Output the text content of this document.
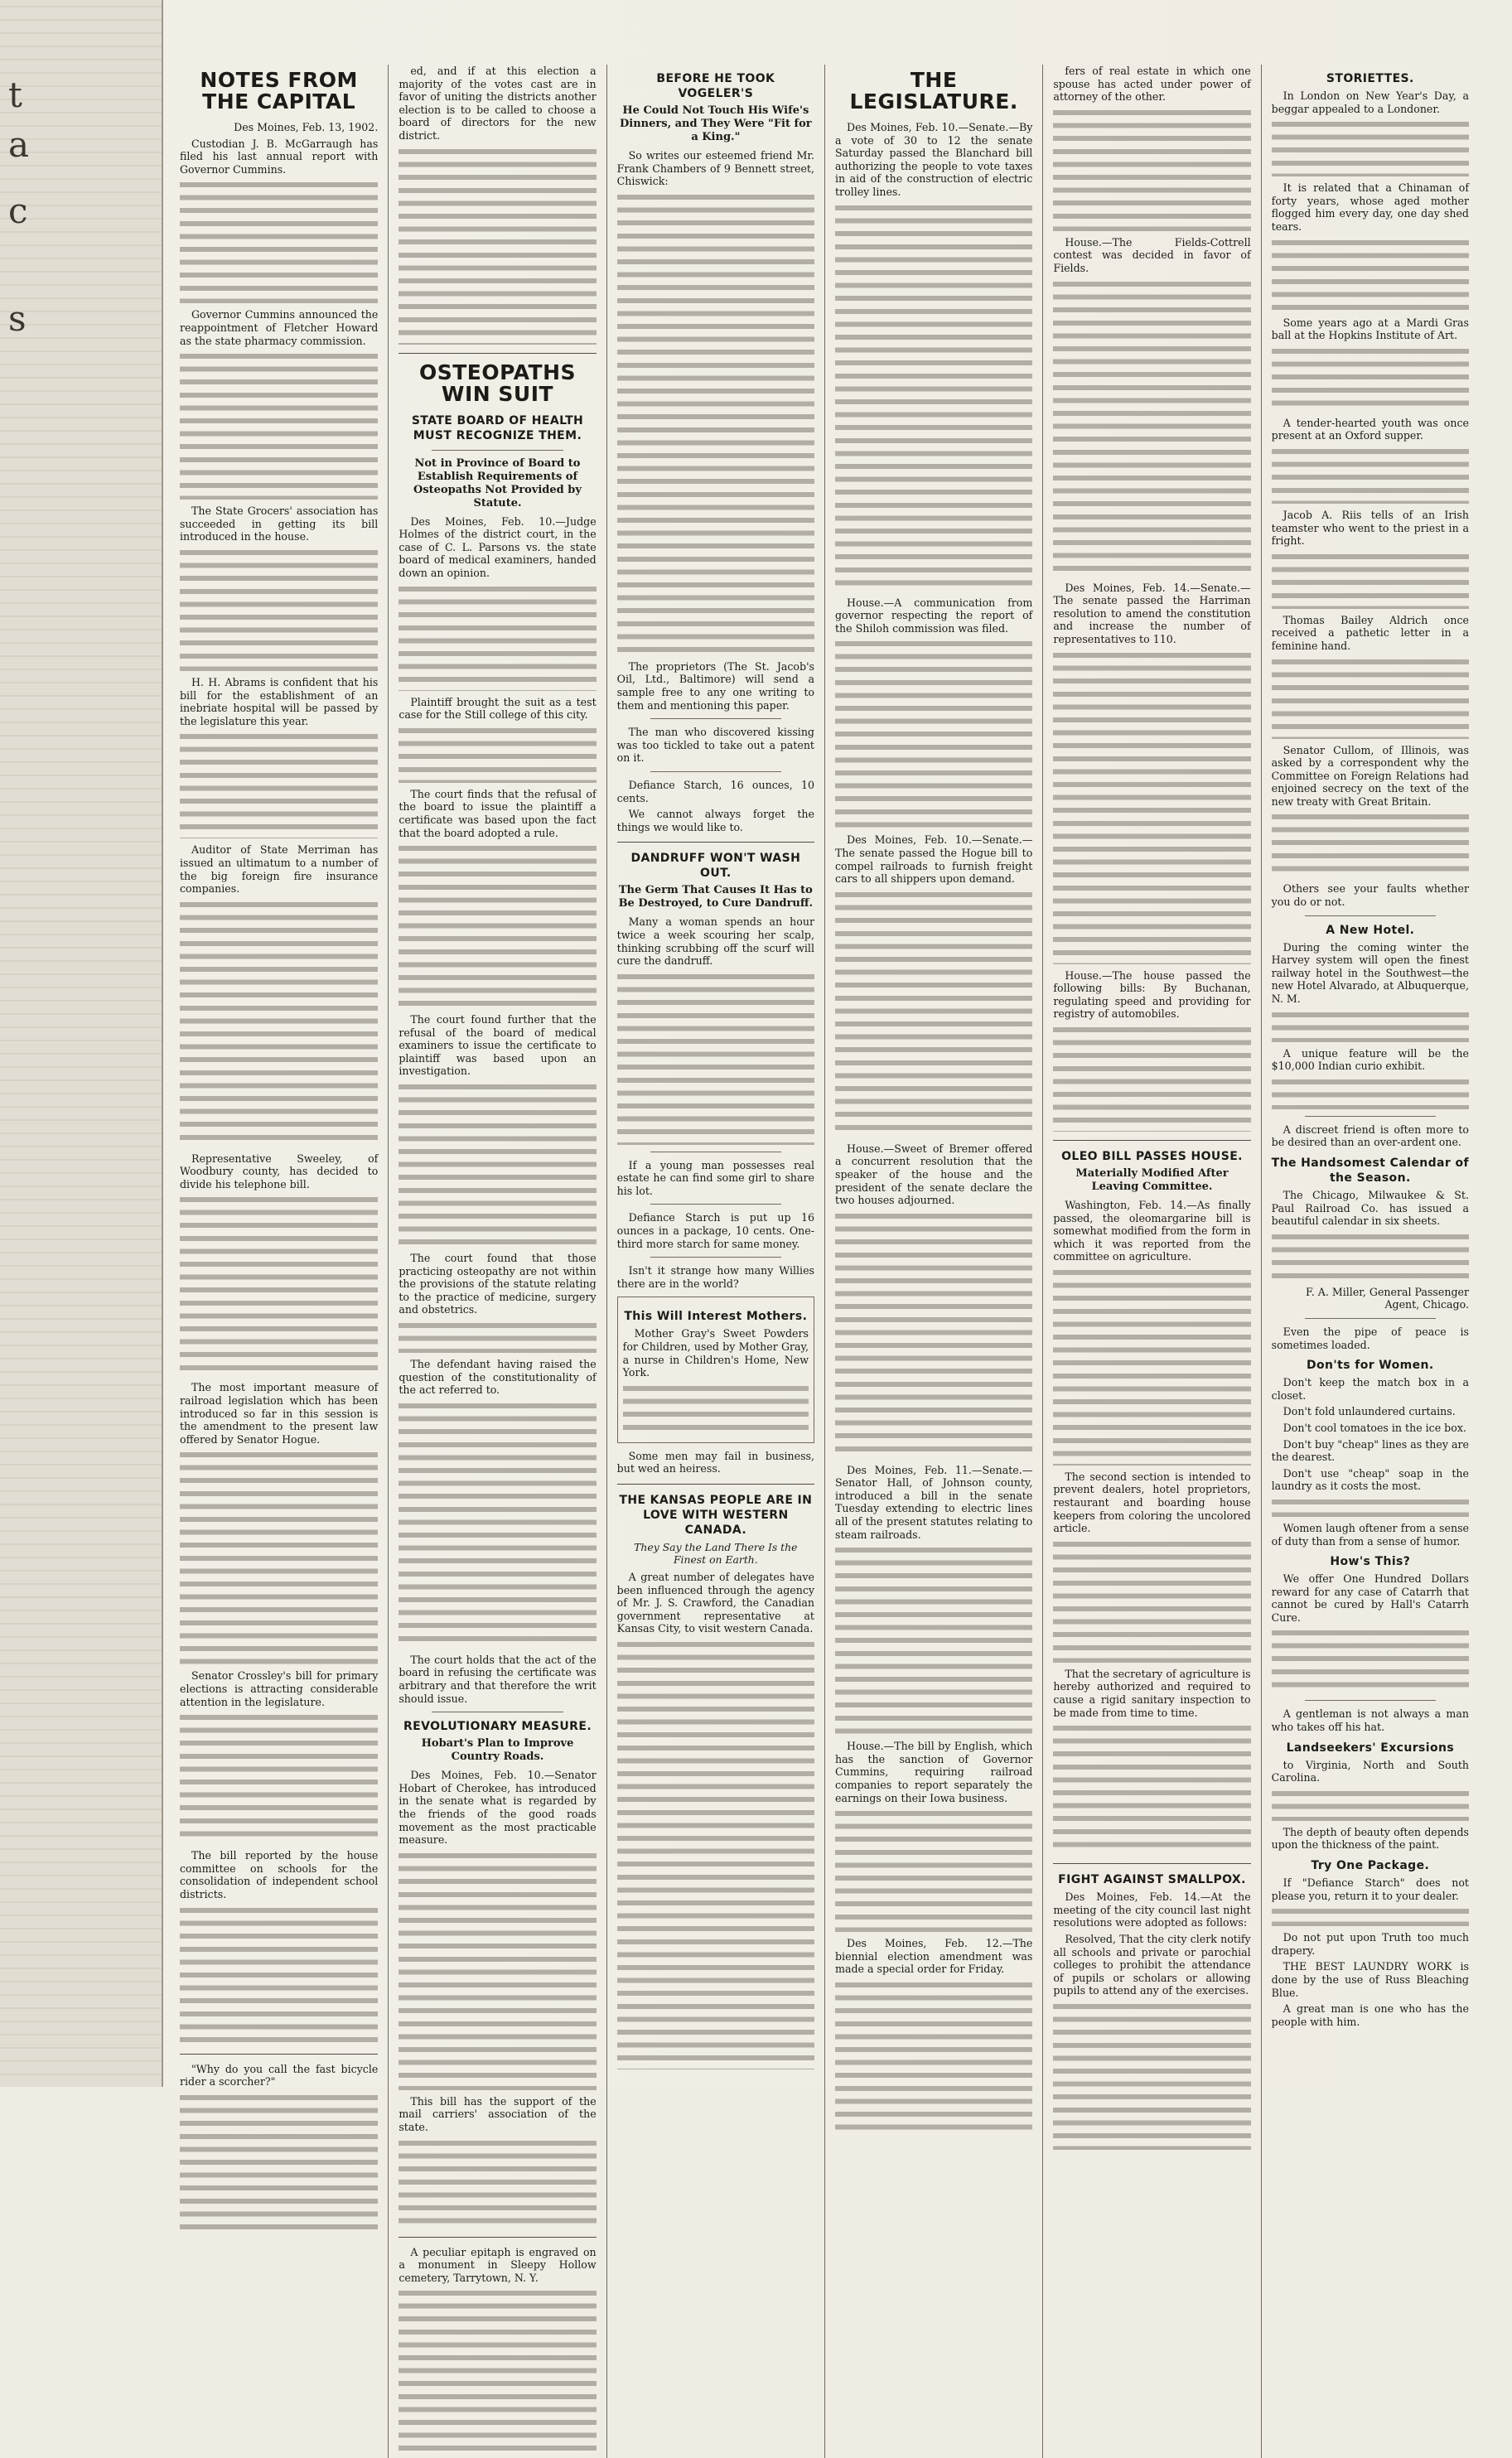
t
a
c
s
NOTES FROM THE CAPITAL

Des Moines, Feb. 13, 1902.

Custodian J. B. McGarraugh has filed his last annual report with Governor Cummins.

Governor Cummins announced the reappointment of Fletcher Howard as the state pharmacy commission.

The State Grocers' association has succeeded in getting its bill introduced in the house.

H. H. Abrams is confident that his bill for the establishment of an inebriate hospital will be passed by the legislature this year.

Auditor of State Merriman has issued an ultimatum to a number of the big foreign fire insurance companies.

Representative Sweeley, of Woodbury county, has decided to divide his telephone bill.

The most important measure of railroad legislation which has been introduced so far in this session is the amendment to the present law offered by Senator Hogue.

Senator Crossley's bill for primary elections is attracting considerable attention in the legislature.

The bill reported by the house committee on schools for the consolidation of independent school districts.

"Why do you call the fast bicycle rider a scorcher?"

ed, and if at this election a majority of the votes cast are in favor of uniting the districts another election is to be called to choose a board of directors for the new district.

OSTEOPATHS WIN SUIT
STATE BOARD OF HEALTH MUST RECOGNIZE THEM.
Not in Province of Board to Establish Requirements of Osteopaths Not Provided by Statute.

Des Moines, Feb. 10.—Judge Holmes of the district court, in the case of C. L. Parsons vs. the state board of medical examiners, handed down an opinion.

Plaintiff brought the suit as a test case for the Still college of this city.

The court finds that the refusal of the board to issue the plaintiff a certificate was based upon the fact that the board adopted a rule.

The court found further that the refusal of the board of medical examiners to issue the certificate to plaintiff was based upon an investigation.

The court found that those practicing osteopathy are not within the provisions of the statute relating to the practice of medicine, surgery and obstetrics.

The defendant having raised the question of the constitutionality of the act referred to.

The court holds that the act of the board in refusing the certificate was arbitrary and that therefore the writ should issue.

REVOLUTIONARY MEASURE.
Hobart's Plan to Improve Country Roads.

Des Moines, Feb. 10.—Senator Hobart of Cherokee, has introduced in the senate what is regarded by the friends of the good roads movement as the most practicable measure.

This bill has the support of the mail carriers' association of the state.

A peculiar epitaph is engraved on a monument in Sleepy Hollow cemetery, Tarrytown, N. Y.

BEFORE HE TOOK VOGELER'S
He Could Not Touch His Wife's Dinners, and They Were "Fit for a King."

So writes our esteemed friend Mr. Frank Chambers of 9 Bennett street, Chiswick:

The proprietors (The St. Jacob's Oil, Ltd., Baltimore) will send a sample free to any one writing to them and mentioning this paper.

The man who discovered kissing was too tickled to take out a patent on it.

Defiance Starch, 16 ounces, 10 cents.

We cannot always forget the things we would like to.

DANDRUFF WON'T WASH OUT.
The Germ That Causes It Has to Be Destroyed, to Cure Dandruff.

Many a woman spends an hour twice a week scouring her scalp, thinking scrubbing off the scurf will cure the dandruff.

If a young man possesses real estate he can find some girl to share his lot.

Defiance Starch is put up 16 ounces in a package, 10 cents. One-third more starch for same money.

Isn't it strange how many Willies there are in the world?

This Will Interest Mothers.

Mother Gray's Sweet Powders for Children, used by Mother Gray, a nurse in Children's Home, New York.

Some men may fail in business, but wed an heiress.

THE KANSAS PEOPLE ARE IN LOVE WITH WESTERN CANADA.
They Say the Land There Is the Finest on Earth.

A great number of delegates have been influenced through the agency of Mr. J. S. Crawford, the Canadian government representative at Kansas City, to visit western Canada.

THE LEGISLATURE.

Des Moines, Feb. 10.—Senate.—By a vote of 30 to 12 the senate Saturday passed the Blanchard bill authorizing the people to vote taxes in aid of the construction of electric trolley lines.

House.—A communication from governor respecting the report of the Shiloh commission was filed.

Des Moines, Feb. 10.—Senate.—The senate passed the Hogue bill to compel railroads to furnish freight cars to all shippers upon demand.

House.—Sweet of Bremer offered a concurrent resolution that the speaker of the house and the president of the senate declare the two houses adjourned.

Des Moines, Feb. 11.—Senate.—Senator Hall, of Johnson county, introduced a bill in the senate Tuesday extending to electric lines all of the present statutes relating to steam railroads.

House.—The bill by English, which has the sanction of Governor Cummins, requiring railroad companies to report separately the earnings on their Iowa business.

Des Moines, Feb. 12.—The biennial election amendment was made a special order for Friday.

fers of real estate in which one spouse has acted under power of attorney of the other.

House.—The Fields-Cottrell contest was decided in favor of Fields.

Des Moines, Feb. 14.—Senate.—The senate passed the Harriman resolution to amend the constitution and increase the number of representatives to 110.

House.—The house passed the following bills: By Buchanan, regulating speed and providing for registry of automobiles.

OLEO BILL PASSES HOUSE.
Materially Modified After Leaving Committee.

Washington, Feb. 14.—As finally passed, the oleomargarine bill is somewhat modified from the form in which it was reported from the committee on agriculture.

The second section is intended to prevent dealers, hotel proprietors, restaurant and boarding house keepers from coloring the uncolored article.

That the secretary of agriculture is hereby authorized and required to cause a rigid sanitary inspection to be made from time to time.

FIGHT AGAINST SMALLPOX.

Des Moines, Feb. 14.—At the meeting of the city council last night resolutions were adopted as follows:

Resolved, That the city clerk notify all schools and private or parochial colleges to prohibit the attendance of pupils or scholars or allowing pupils to attend any of the exercises.

STORIETTES.

In London on New Year's Day, a beggar appealed to a Londoner.

It is related that a Chinaman of forty years, whose aged mother flogged him every day, one day shed tears.

Some years ago at a Mardi Gras ball at the Hopkins Institute of Art.

A tender-hearted youth was once present at an Oxford supper.

Jacob A. Riis tells of an Irish teamster who went to the priest in a fright.

Thomas Bailey Aldrich once received a pathetic letter in a feminine hand.

Senator Cullom, of Illinois, was asked by a correspondent why the Committee on Foreign Relations had enjoined secrecy on the text of the new treaty with Great Britain.

Others see your faults whether you do or not.

A New Hotel.

During the coming winter the Harvey system will open the finest railway hotel in the Southwest—the new Hotel Alvarado, at Albuquerque, N. M.

A unique feature will be the $10,000 Indian curio exhibit.

A discreet friend is often more to be desired than an over-ardent one.

The Handsomest Calendar of the Season.

The Chicago, Milwaukee & St. Paul Railroad Co. has issued a beautiful calendar in six sheets.

F. A. Miller, General Passenger Agent, Chicago.

Even the pipe of peace is sometimes loaded.

Don'ts for Women.

Don't keep the match box in a closet.

Don't fold unlaundered curtains.

Don't cool tomatoes in the ice box.

Don't buy "cheap" lines as they are the dearest.

Don't use "cheap" soap in the laundry as it costs the most.

Women laugh oftener from a sense of duty than from a sense of humor.

How's This?

We offer One Hundred Dollars reward for any case of Catarrh that cannot be cured by Hall's Catarrh Cure.

A gentleman is not always a man who takes off his hat.

Landseekers' Excursions

to Virginia, North and South Carolina.

The depth of beauty often depends upon the thickness of the paint.

Try One Package.

If "Defiance Starch" does not please you, return it to your dealer.

Do not put upon Truth too much drapery.

THE BEST LAUNDRY WORK is done by the use of Russ Bleaching Blue.

A great man is one who has the people with him.
